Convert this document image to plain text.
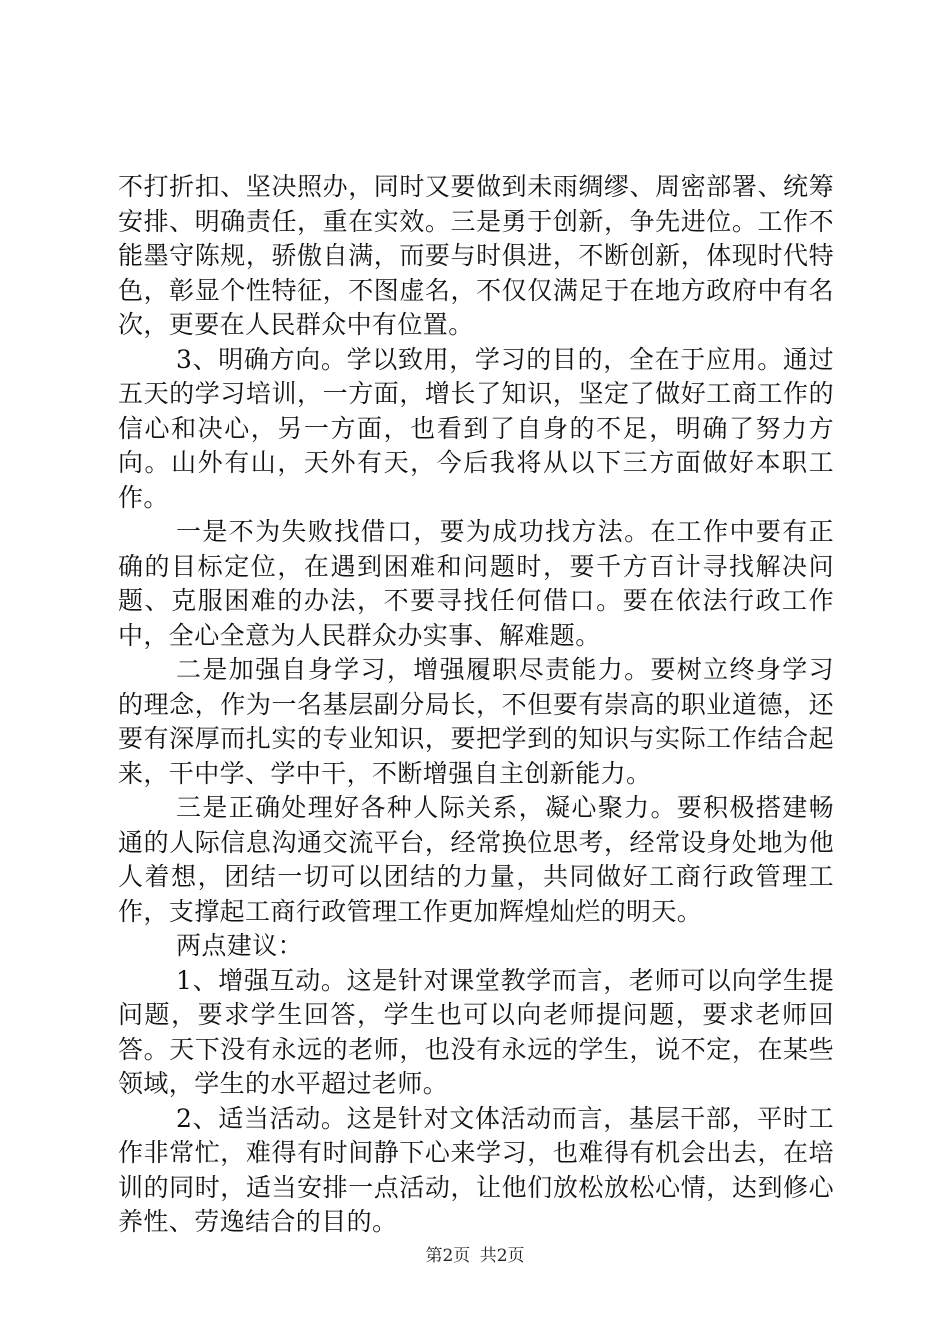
不打折扣、坚决照办，同时又要做到未雨绸缪、周密部署、统筹安排、明确责任，重在实效。三是勇于创新，争先进位。工作不能墨守陈规，骄傲自满，而要与时俱进，不断创新，体现时代特色，彰显个性特征，不图虚名，不仅仅满足于在地方政府中有名次，更要在人民群众中有位置。

3、明确方向。学以致用，学习的目的，全在于应用。通过五天的学习培训，一方面，增长了知识，坚定了做好工商工作的信心和决心，另一方面，也看到了自身的不足，明确了努力方向。山外有山，天外有天，今后我将从以下三方面做好本职工作。

一是不为失败找借口，要为成功找方法。在工作中要有正确的目标定位，在遇到困难和问题时，要千方百计寻找解决问题、克服困难的办法，不要寻找任何借口。要在依法行政工作中，全心全意为人民群众办实事、解难题。

二是加强自身学习，增强履职尽责能力。要树立终身学习的理念，作为一名基层副分局长，不但要有崇高的职业道德，还要有深厚而扎实的专业知识，要把学到的知识与实际工作结合起来，干中学、学中干，不断增强自主创新能力。

三是正确处理好各种人际关系，凝心聚力。要积极搭建畅通的人际信息沟通交流平台，经常换位思考，经常设身处地为他人着想，团结一切可以团结的力量，共同做好工商行政管理工作，支撑起工商行政管理工作更加辉煌灿烂的明天。

两点建议：

1、增强互动。这是针对课堂教学而言，老师可以向学生提问题，要求学生回答，学生也可以向老师提问题，要求老师回答。天下没有永远的老师，也没有永远的学生，说不定，在某些领域，学生的水平超过老师。

2、适当活动。这是针对文体活动而言，基层干部，平时工作非常忙，难得有时间静下心来学习，也难得有机会出去，在培训的同时，适当安排一点活动，让他们放松放松心情，达到修心养性、劳逸结合的目的。

第2页 共2页
